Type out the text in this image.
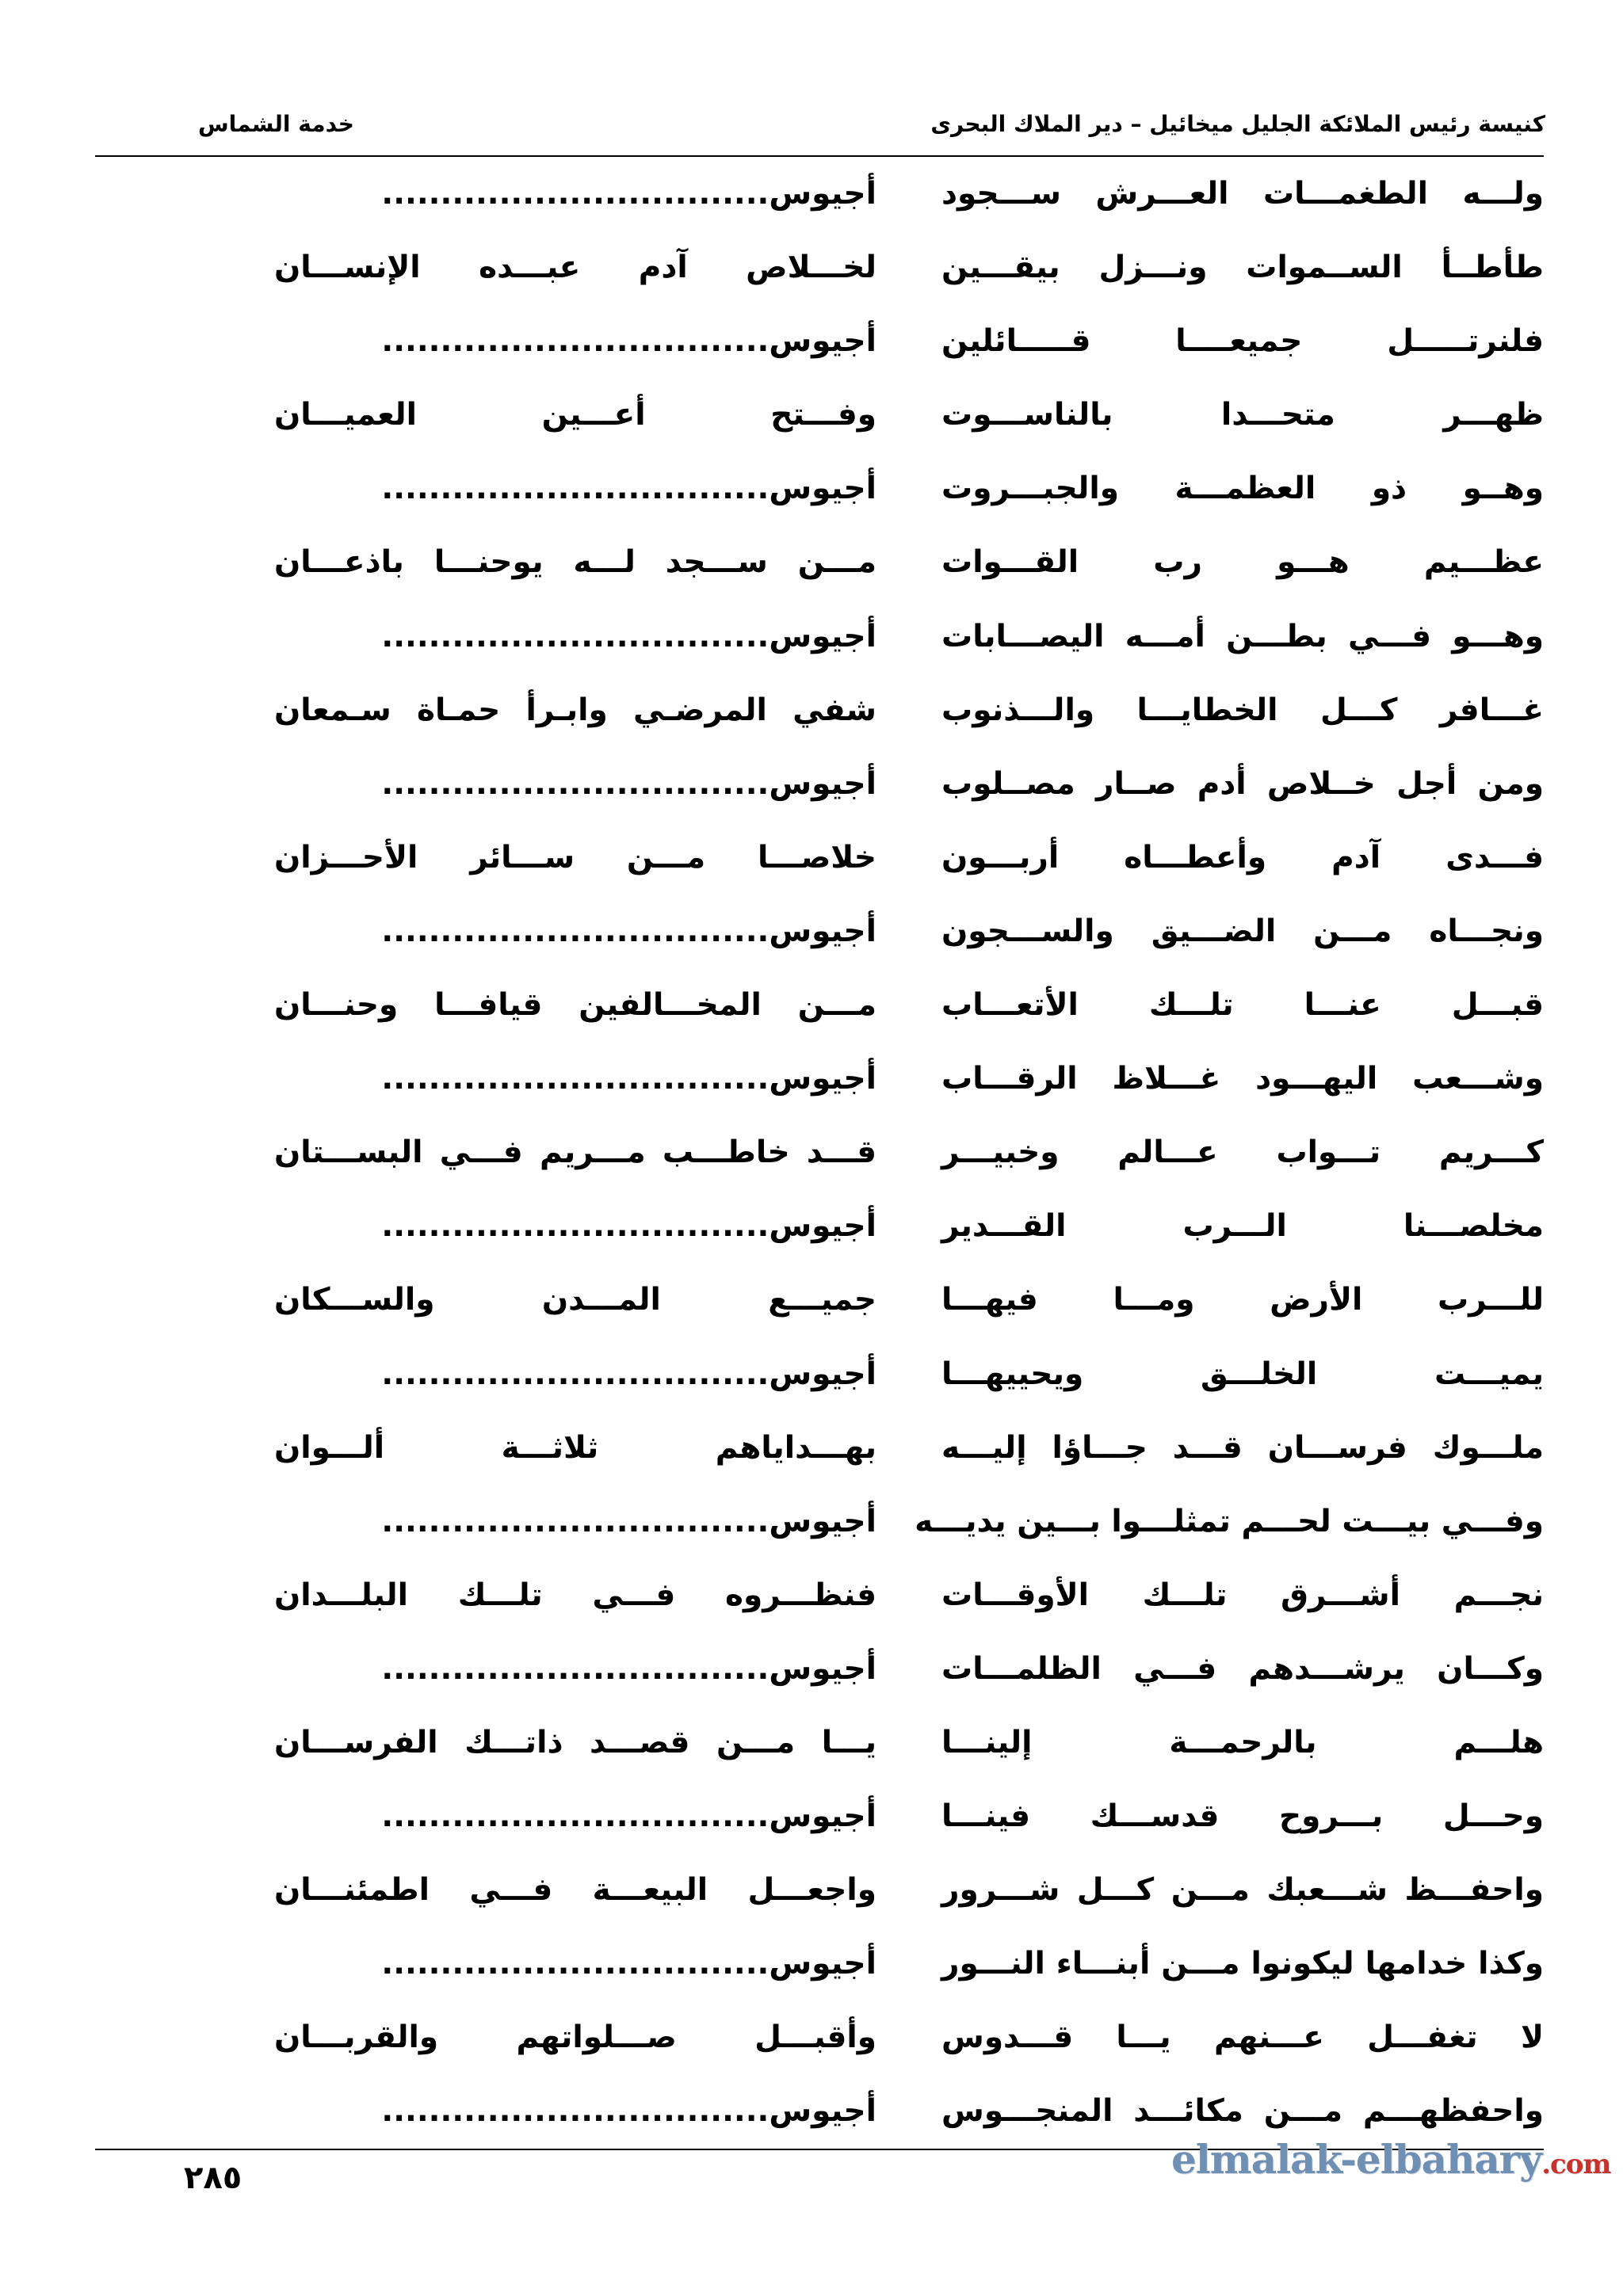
كنيسة رئيس الملائكة الجليل ميخائيل – دير الملاك البحرى
خدمة الشماس
ولـــه الطغمـــات العـــرش ســـجود
أجيوس.................................
طأطــأ الســموات ونـــزل بيقـــين
لخـــلاص آدم عبـــده الإنســـان
فلنرتـــــل جميعــــا قـــــائلين
أجيوس.................................
ظهـــر متحـــدا بالناســـوت
وفـــتح أعـــين العميـــان
وهــو ذو العظمـــة والجبـــروت
أجيوس.................................
عظـــيم هـــو رب القـــوات
مـــن ســـجد لـــه يوحنـــا باذعـــان
وهـــو فـــي بطـــن أمـــه اليصـــابات
أجيوس.................................
غـــافر كـــل الخطايـــا والـــذنوب
شفي المرضـي وابـرأ حمـاة سـمعان
ومن أجل خــلاص أدم صــار مصــلوب
أجيوس.................................
فـــدى آدم وأعطـــاه أربـــون
خلاصـــا مـــن ســـائر الأحـــزان
ونجـــاه مـــن الضـــيق والســـجون
أجيوس.................................
قبـــل عنـــا تلـــك الأتعـــاب
مـــن المخـــالفين قيافـــا وحنـــان
وشـــعب اليهـــود غـــلاظ الرقـــاب
أجيوس.................................
كـــريم تـــواب عـــالم وخبيـــر
قـــد خاطـــب مـــريم فـــي البســـتان
مخلصـــنا الـــرب القـــدير
أجيوس.................................
للـــرب الأرض ومـــا فيهـــا
جميـــع المـــدن والســـكان
يميـــت الخلـــق ويحييهـــا
أجيوس.................................
ملـــوك فرســـان قـــد جـــاؤا إليـــه
بهـــداياهم ثلاثـــة ألـــوان
وفـــي بيـــت لحـــم تمثلـــوا بـــين يديـــه
أجيوس.................................
نجـــم أشـــرق تلـــك الأوقـــات
فنظـــروه فـــي تلـــك البلـــدان
وكـــان يرشـــدهم فـــي الظلمـــات
أجيوس.................................
هلـــم بالرحمـــة إلينـــا
يـــا مـــن قصـــد ذاتـــك الفرســـان
وحـــل بـــروح قدســـك فينـــا
أجيوس.................................
واحفـــظ شـــعبك مـــن كـــل شـــرور
واجعـــل البيعـــة فـــي اطمئنـــان
وكذا خدامها ليكونوا مـــن أبنـــاء النـــور
أجيوس.................................
لا تغفـــل عـــنهم يـــا قـــدوس
وأقبـــل صـــلواتهم والقربـــان
واحفظهـــم مـــن مكائـــد المنجـــوس
أجيوس.................................
٢٨٥	elmalak-elbahary.com
